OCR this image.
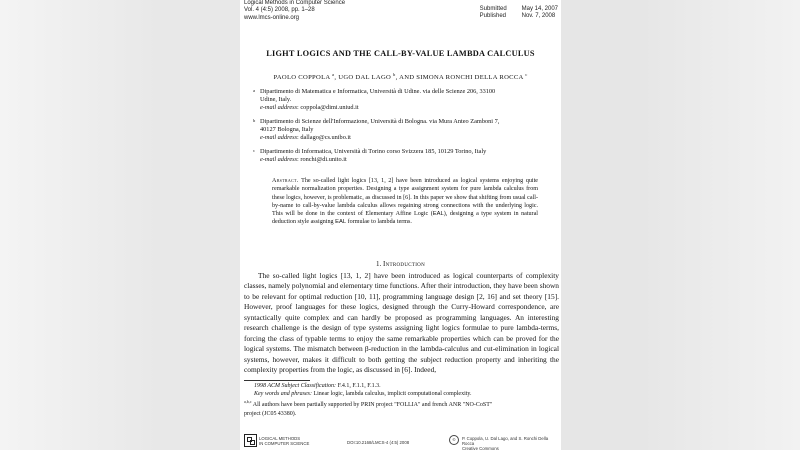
Logical Methods in Computer Science
Vol. 4 (4:5) 2008, pp. 1–28
www.lmcs-online.org
Submitted	May 14, 2007
Published	Nov. 7, 2008
LIGHT LOGICS AND THE CALL-BY-VALUE LAMBDA CALCULUS
PAOLO COPPOLA $^a$, UGO DAL LAGO $^b$, AND SIMONA RONCHI DELLA ROCCA $^c$
a Dipartimento di Matematica e Informatica, Università di Udine. via delle Scienze 206, 33100
Udine, Italy.
e-mail address: coppola@dimi.uniud.it
b Dipartimento di Scienze dell'Informazione, Università di Bologna. via Mura Anteo Zamboni 7,
40127 Bologna, Italy
e-mail address: dallago@cs.unibo.it
c Dipartimento di Informatica, Università di Torino corso Svizzera 185, 10129 Torino, Italy
e-mail address: ronchi@di.unito.it
Abstract. The so-called light logics [13, 1, 2] have been introduced as logical systems enjoying quite remarkable normalization properties. Designing a type assignment system for pure lambda calculus from these logics, however, is problematic, as discussed in [6]. In this paper we show that shifting from usual call-by-name to call-by-value lambda calculus allows regaining strong connections with the underlying logic. This will be done in the context of Elementary Affine Logic (EAL), designing a type system in natural deduction style assigning EAL formulae to lambda terms.
1. Introduction

The so-called light logics [13, 1, 2] have been introduced as logical counterparts of complexity classes, namely polynomial and elementary time functions. After their introduction, they have been shown to be relevant for optimal reduction [10, 11], programming language design [2, 16] and set theory [15]. However, proof languages for these logics, designed through the Curry-Howard correspondence, are syntactically quite complex and can hardly be proposed as programming languages. An interesting research challenge is the design of type systems assigning light logics formulae to pure lambda-terms, forcing the class of typable terms to enjoy the same remarkable properties which can be proved for the logical systems. The mismatch between β-reduction in the lambda-calculus and cut-elimination in logical systems, however, makes it difficult to both getting the subject reduction property and inheriting the complexity properties from the logic, as discussed in [6]. Indeed,

1998 ACM Subject Classification: F.4.1, F.1.1, F.1.3.
Key words and phrases: Linear logic, lambda calculus, implicit computational complexity.
$^{a,b,c}$ All authors have been partially supported by PRIN project "FOLLIA" and french ANR "NO-CoST"
project (JC05 43380).
LOGICAL METHODS
IN COMPUTER SCIENCE	DOI:10.2168/LMCS-4 (4:5) 2008
©	P. Coppola, U. Dal Lago, and S. Ronchi Della Rocca
Creative Commons
